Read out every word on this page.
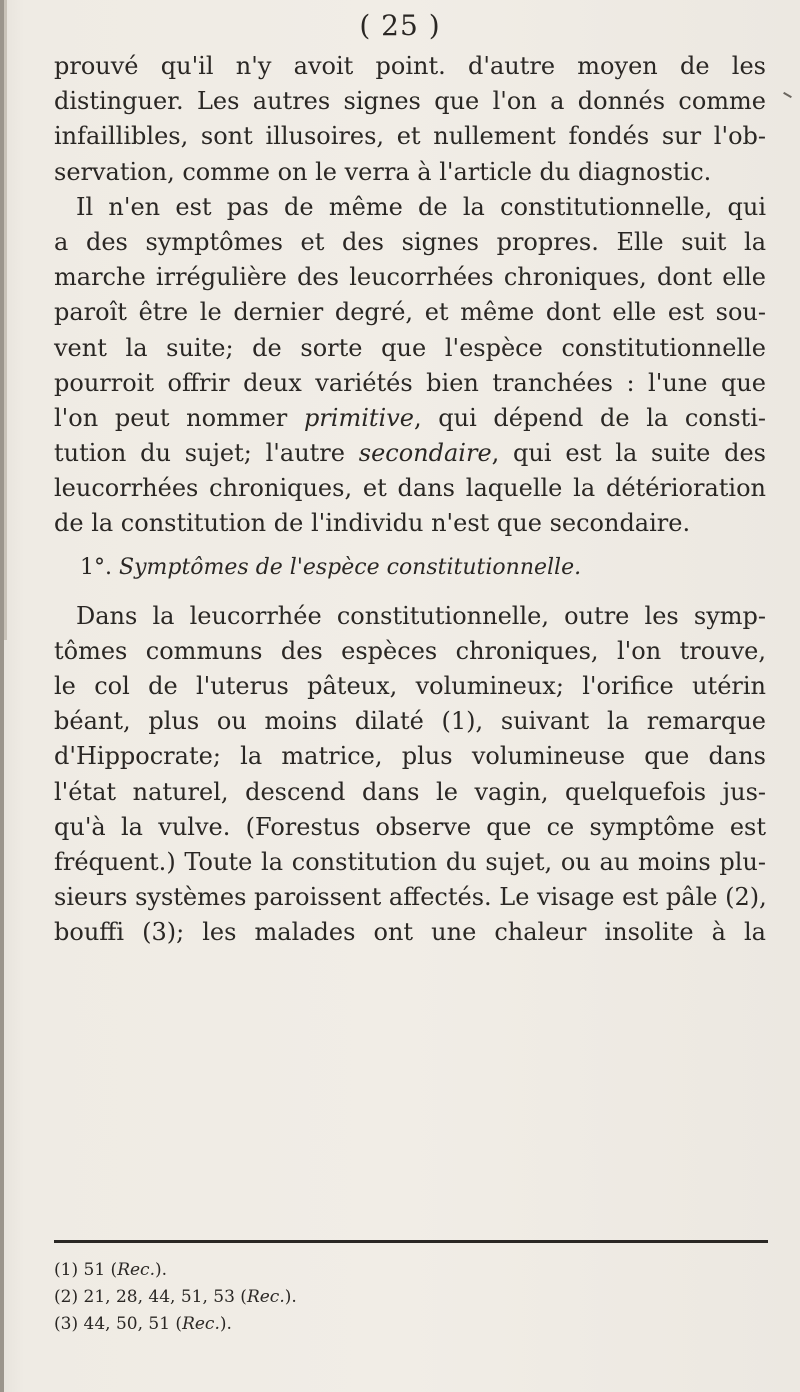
( 25 )
prouvé qu'il n'y avoit point. d'autre moyen de les
distinguer. Les autres signes que l'on a donnés comme
infaillibles, sont illusoires, et nullement fondés sur l'ob-
servation, comme on le verra à l'article du diagnostic.
Il n'en est pas de même de la constitutionnelle, qui
a des symptômes et des signes propres. Elle suit la
marche irrégulière des leucorrhées chroniques, dont elle
paroît être le dernier degré, et même dont elle est sou-
vent la suite; de sorte que l'espèce constitutionnelle
pourroit offrir deux variétés bien tranchées : l'une que
l'on peut nommer primitive, qui dépend de la consti-
tution du sujet; l'autre secondaire, qui est la suite des
leucorrhées chroniques, et dans laquelle la détérioration
de la constitution de l'individu n'est que secondaire.
1°. Symptômes de l'espèce constitutionnelle.
Dans la leucorrhée constitutionnelle, outre les symp-
tômes communs des espèces chroniques, l'on trouve,
le col de l'uterus pâteux, volumineux; l'orifice utérin
béant, plus ou moins dilaté (1), suivant la remarque
d'Hippocrate; la matrice, plus volumineuse que dans
l'état naturel, descend dans le vagin, quelquefois jus-
qu'à la vulve. (Forestus observe que ce symptôme est
fréquent.) Toute la constitution du sujet, ou au moins plu-
sieurs systèmes paroissent affectés. Le visage est pâle (2),
bouffi (3); les malades ont une chaleur insolite à la
(1) 51 (Rec.).
(2) 21, 28, 44, 51, 53 (Rec.).
(3) 44, 50, 51 (Rec.).
